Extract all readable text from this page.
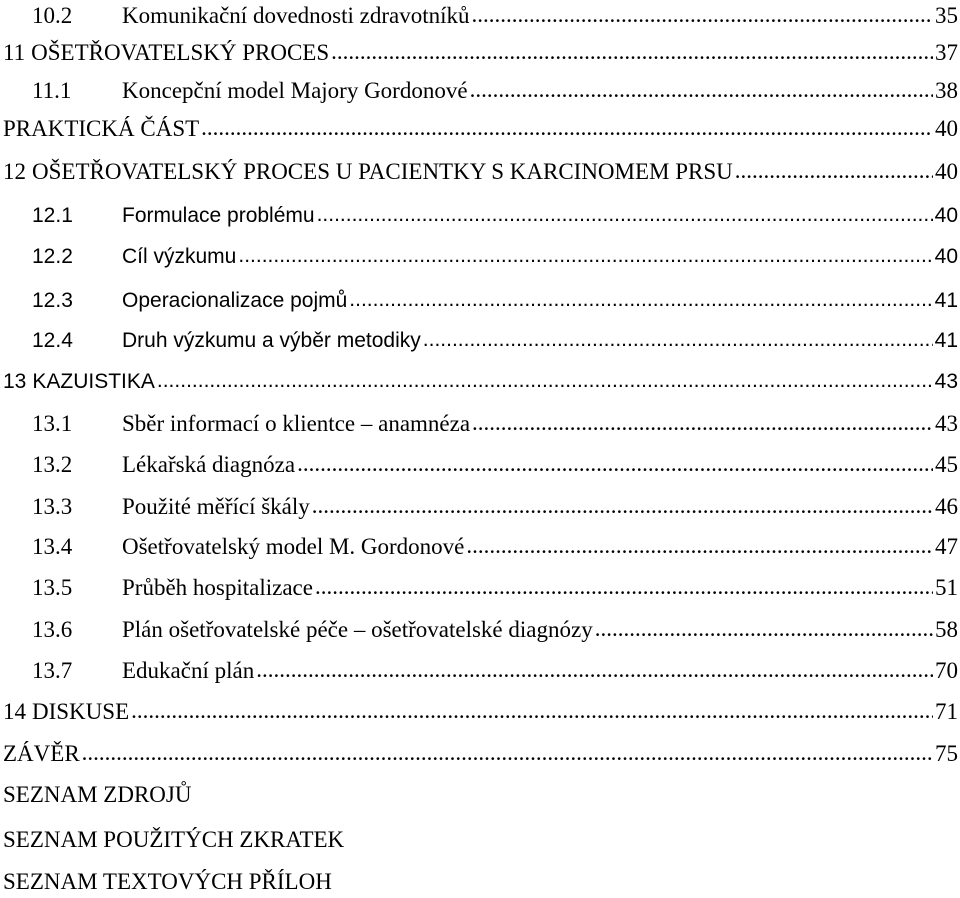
10.2	Komunikační dovednosti zdravotníků .....	35
11 OŠETŘOVATELSKÝ PROCES .....	37
11.1	Koncepční model Majory Gordonové .....	38
PRAKTICKÁ ČÁST .....	40
12 OŠETŘOVATELSKÝ PROCES U PACIENTKY S KARCINOMEM PRSU .....	40
12.1	Formulace problému .....	40
12.2	Cíl výzkumu .....	40
12.3	Operacionalizace pojmů .....	41
12.4	Druh výzkumu a výběr metodiky .....	41
13 KAZUISTIKA .....	43
13.1	Sběr informací o klientce – anamnéza .....	43
13.2	Lékařská diagnóza .....	45
13.3	Použité měřící škály .....	46
13.4	Ošetřovatelský model M. Gordonové .....	47
13.5	Průběh hospitalizace .....	51
13.6	Plán ošetřovatelské péče – ošetřovatelské diagnózy .....	58
13.7	Edukační plán .....	70
14 DISKUSE .....	71
ZÁVĚR .....	75
SEZNAM ZDROJŮ
SEZNAM POUŽITÝCH ZKRATEK
SEZNAM TEXTOVÝCH PŘÍLOH
